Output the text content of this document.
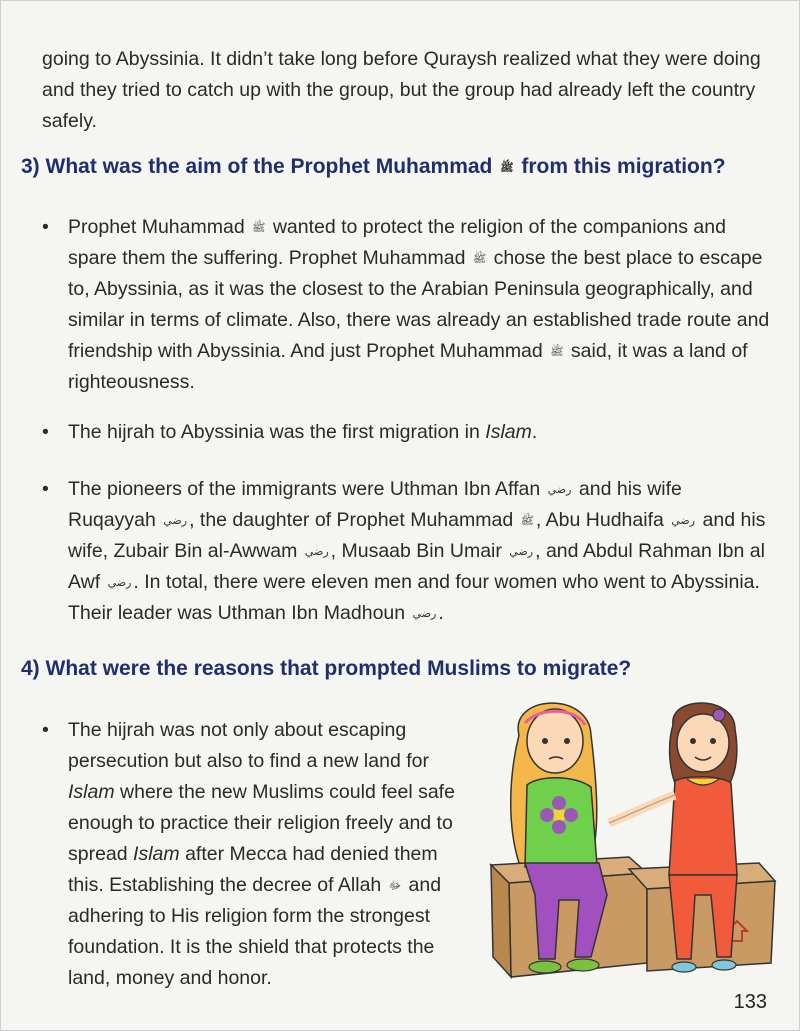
going to Abyssinia. It didn’t take long before Quraysh realized what they were doing and they tried to catch up with the group, but the group had already left the country safely.

3) What was the aim of the Prophet Muhammad ﷺ from this migration?
• Prophet Muhammad ﷺ wanted to protect the religion of the companions and spare them the suffering. Prophet Muhammad ﷺ chose the best place to escape to, Abyssinia, as it was the closest to the Arabian Peninsula geographically, and similar in terms of climate. Also, there was already an established trade route and friendship with Abyssinia. And just Prophet Muhammad ﷺ said, it was a land of righteousness.
• The hijrah to Abyssinia was the first migration in Islam.
• The pioneers of the immigrants were Uthman Ibn Affan رضي and his wife Ruqayyah رضي , the daughter of Prophet Muhammad ﷺ , Abu Hudhaifa رضي and his wife, Zubair Bin al-Awwam رضي , Musaab Bin Umair رضي , and Abdul Rahman Ibn al Awf رضي . In total, there were eleven men and four women who went to Abyssinia. Their leader was Uthman Ibn Madhoun رضي .
4) What were the reasons that prompted Muslims to migrate?
• The hijrah was not only about escaping persecution but also to find a new land for Islam where the new Muslims could feel safe enough to practice their religion freely and to spread Islam after Mecca had denied them this. Establishing the decree of Allah ﷻ and adhering to His religion form the strongest foundation. It is the shield that protects the land, money and honor.
133
